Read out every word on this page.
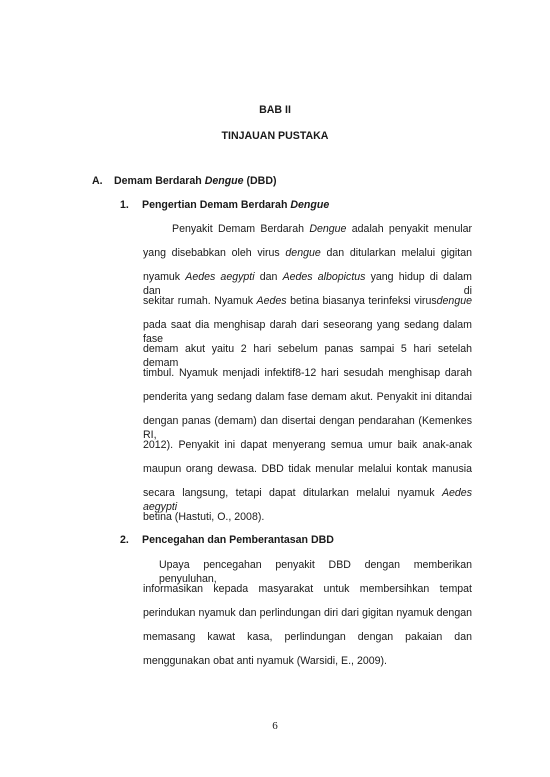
BAB II
TINJAUAN PUSTAKA
A. Demam Berdarah Dengue (DBD)
1. Pengertian Demam Berdarah Dengue
Penyakit Demam Berdarah Dengue adalah penyakit menular
yang disebabkan oleh virus dengue dan ditularkan melalui gigitan
nyamuk Aedes aegypti dan Aedes albopictus yang hidup di dalam dan di
sekitar rumah. Nyamuk Aedes betina biasanya terinfeksi virusdengue
pada saat dia menghisap darah dari seseorang yang sedang dalam fase
demam akut yaitu 2 hari sebelum panas sampai 5 hari setelah demam
timbul. Nyamuk menjadi infektif8-12 hari sesudah menghisap darah
penderita yang sedang dalam fase demam akut. Penyakit ini ditandai
dengan panas (demam) dan disertai dengan pendarahan (Kemenkes RI,
2012). Penyakit ini dapat menyerang semua umur baik anak-anak
maupun orang dewasa. DBD tidak menular melalui kontak manusia
secara langsung, tetapi dapat ditularkan melalui nyamuk Aedes aegypti
betina (Hastuti, O., 2008).
2. Pencegahan dan Pemberantasan DBD
Upaya pencegahan penyakit DBD dengan memberikan penyuluhan,
informasikan kepada masyarakat untuk membersihkan tempat
perindukan nyamuk dan perlindungan diri dari gigitan nyamuk dengan
memasang kawat kasa, perlindungan dengan pakaian dan
menggunakan obat anti nyamuk (Warsidi, E., 2009).
6
